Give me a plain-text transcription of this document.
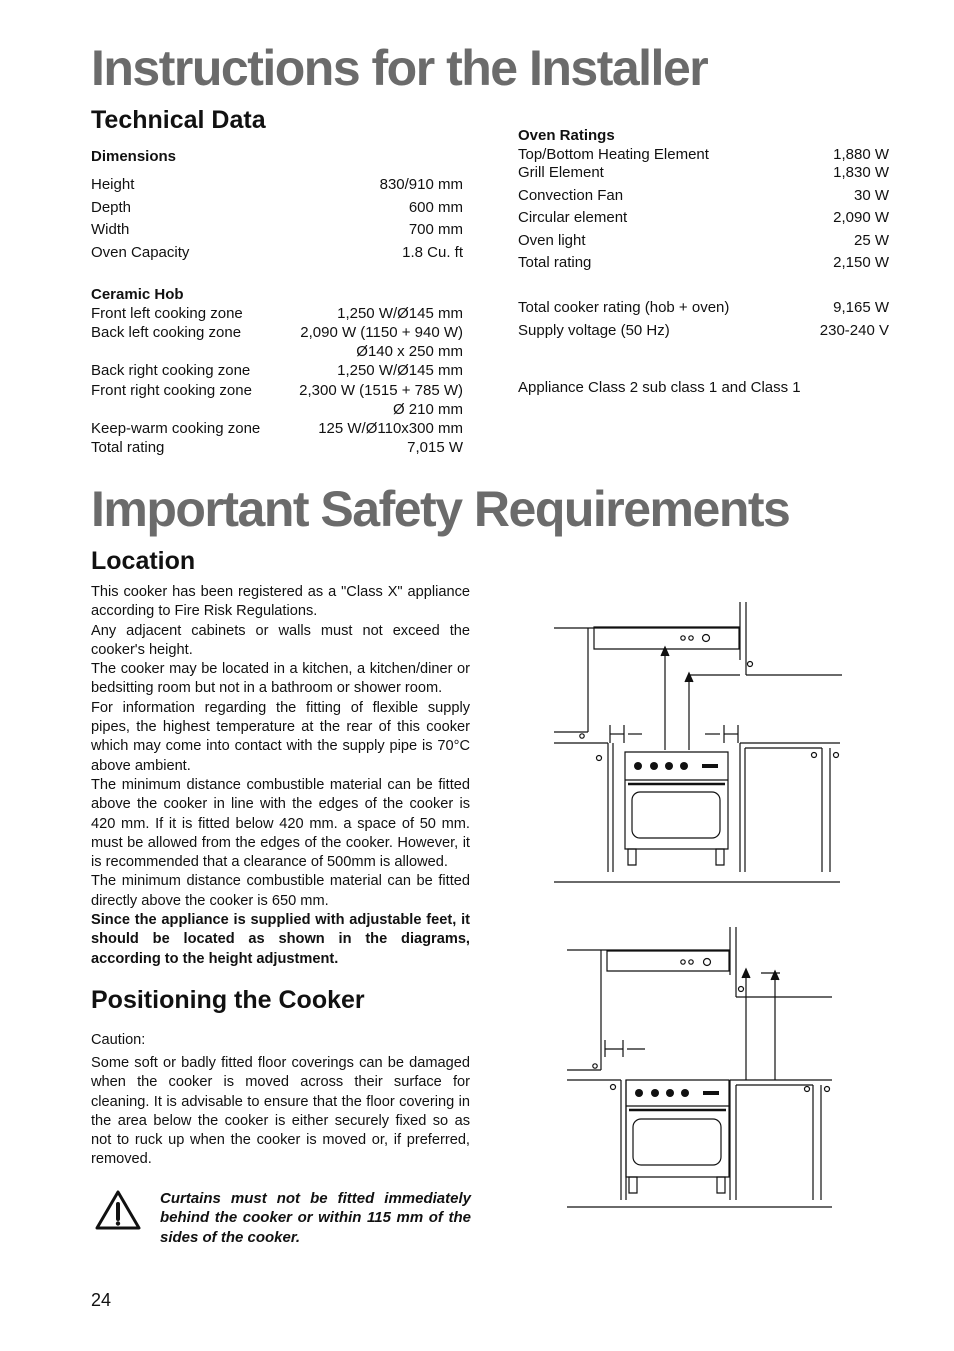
Instructions for the Installer
Technical Data
Dimensions
Height	830/910 mm
Depth	600 mm
Width	700 mm
Oven Capacity	1.8 Cu. ft
Ceramic Hob
Front left cooking zone	1,250 W/Ø145 mm
Back left cooking zone	2,090 W (1150 + 940 W)
Ø140 x 250 mm
Back right cooking zone	1,250 W/Ø145 mm
Front right cooking zone	2,300 W (1515 + 785 W)
Ø 210 mm
Keep-warm cooking zone	125 W/Ø110x300 mm
Total rating	7,015 W
Oven Ratings
Top/Bottom Heating Element	1,880 W
Grill Element	1,830 W
Convection Fan	30 W
Circular element	2,090 W
Oven light	25 W
Total rating	2,150 W
Total cooker rating (hob + oven)	9,165 W
Supply voltage (50 Hz)	230-240 V
Appliance Class 2 sub class 1 and Class 1
Important Safety Requirements
Location

This cooker has been registered as a "Class X" appliance according to Fire Risk Regulations.

Any adjacent cabinets or walls must not exceed the cooker's height.

The cooker may be located in a kitchen, a kitchen/diner or bedsitting room but not in a bathroom or shower room.

For information regarding the fitting of flexible supply pipes, the highest temperature at the rear of this cooker which may come into contact with the supply pipe is 70°C above ambient.

The minimum distance combustible material can be fitted above the cooker in line with the edges of the cooker is 420 mm. If it is fitted below 420 mm. a space of 50 mm. must be allowed from the edges of the cooker. However, it is recommended that a clearance of 500mm is allowed.

The minimum distance combustible material can be fitted directly above the cooker is 650 mm.

Since the appliance is supplied with adjustable feet, it should be located as shown in the diagrams, according to the height adjustment.

Positioning the Cooker
Caution:
Some soft or badly fitted floor coverings can be damaged when the cooker is moved across their surface for cleaning. It is advisable to ensure that the floor covering in the area below the cooker is either securely fixed so as not to ruck up when the cooker is moved or, if preferred, removed.
Curtains must not be fitted immediately behind the cooker or within 115 mm of the sides of the cooker.
24
